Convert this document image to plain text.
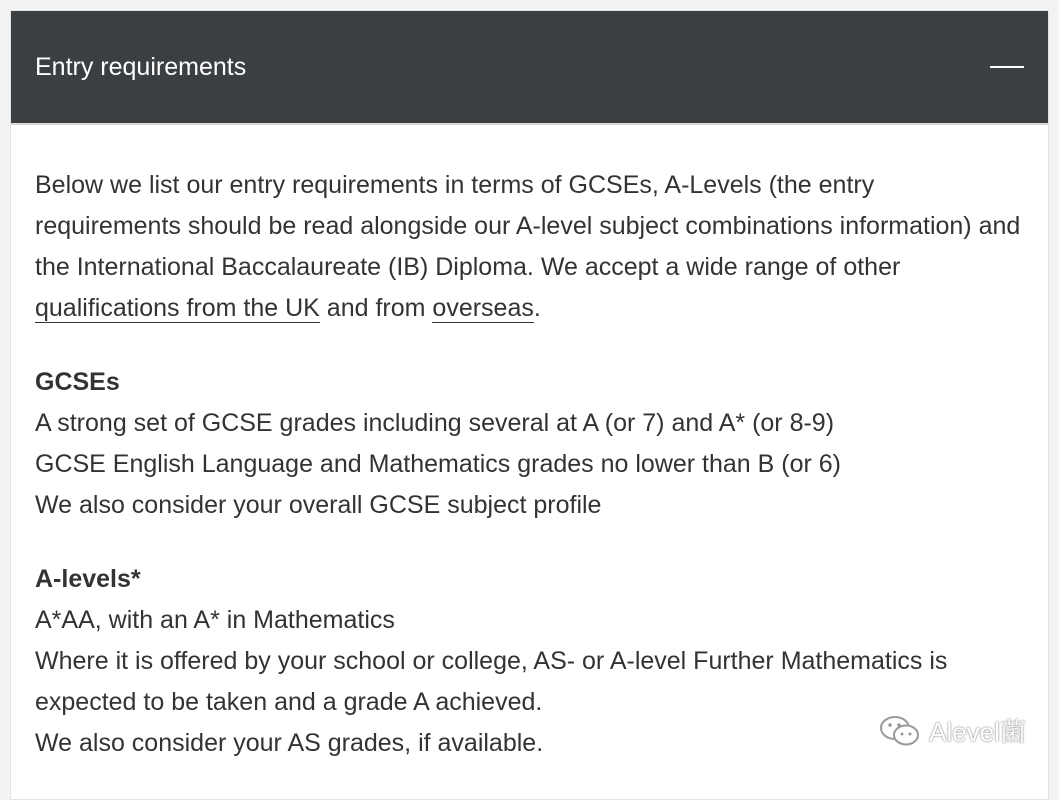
Entry requirements

Below we list our entry requirements in terms of GCSEs, A-Levels (the entry requirements should be read alongside our A-level subject combinations information) and the International Baccalaureate (IB) Diploma. We accept a wide range of other qualifications from the UK and from overseas.

GCSEs

A strong set of GCSE grades including several at A (or 7) and A* (or 8-9)

GCSE English Language and Mathematics grades no lower than B (or 6)

We also consider your overall GCSE subject profile

A-levels*

A*AA, with an A* in Mathematics

Where it is offered by your school or college, AS- or A-level Further Mathematics is expected to be taken and a grade A achieved.

We also consider your AS grades, if available.	Alevel菌
